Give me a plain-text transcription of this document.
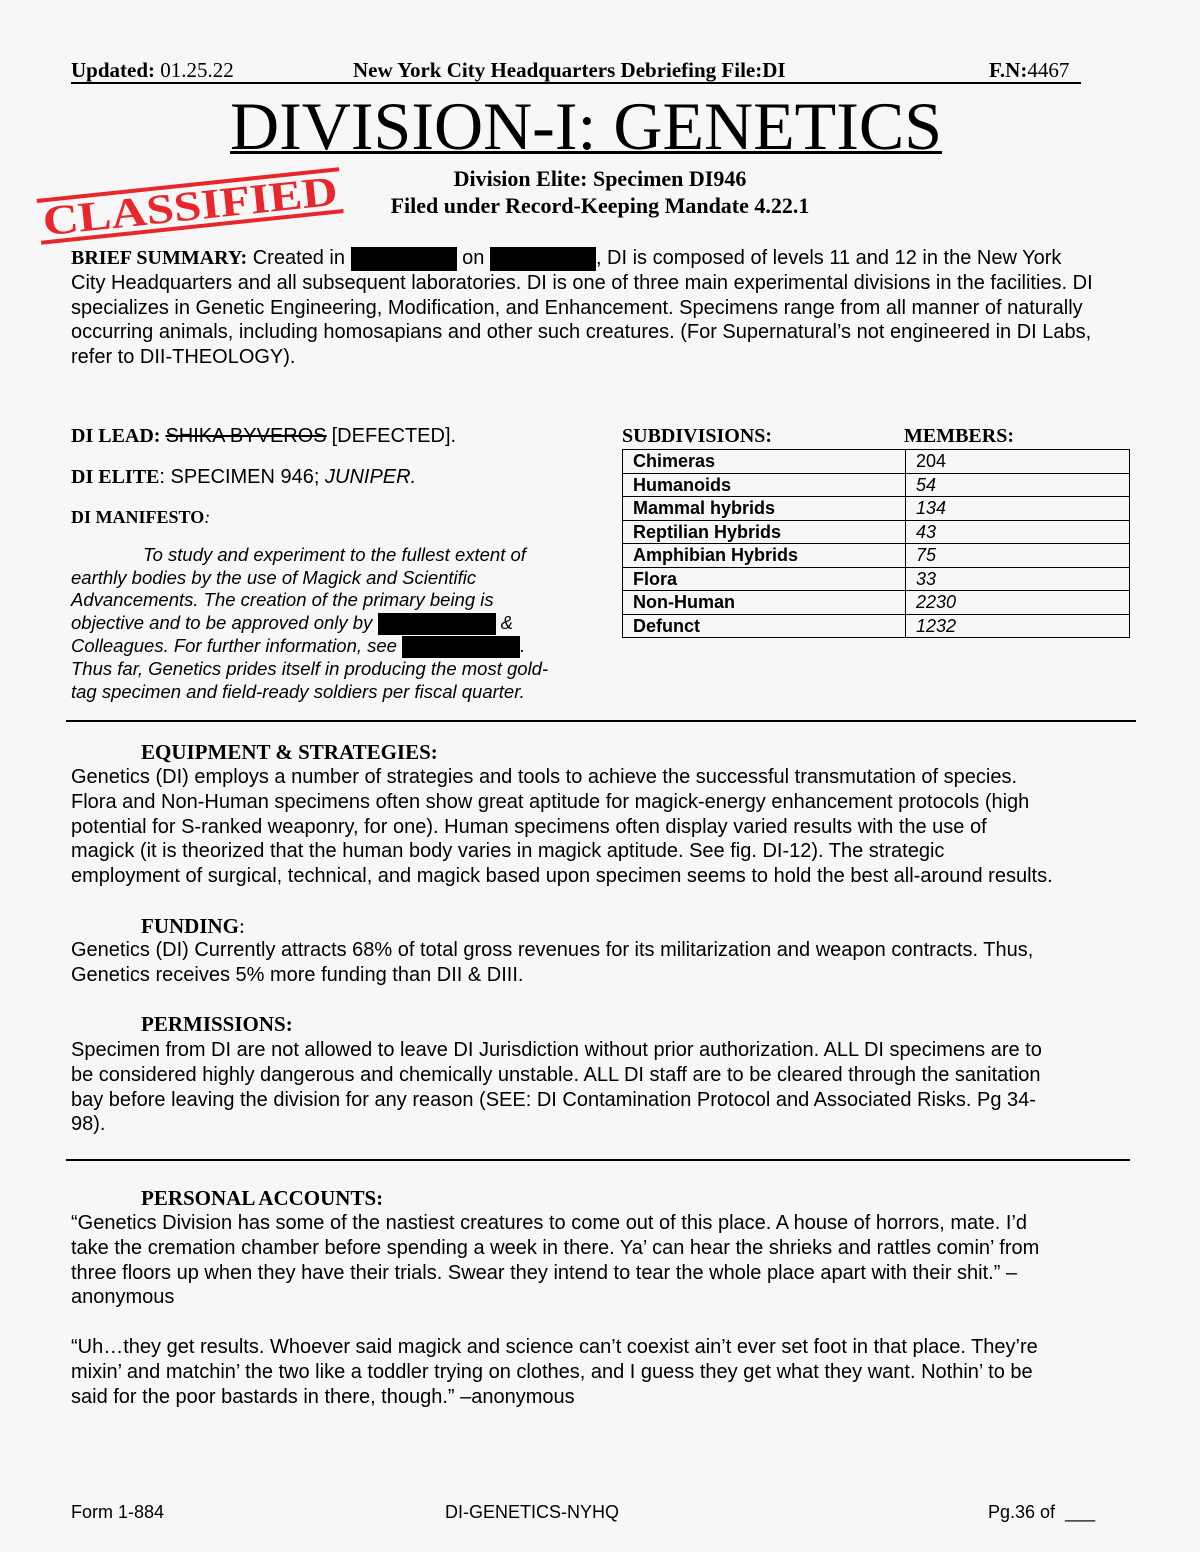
Updated: 01.25.22	New York City Headquarters Debriefing File:DI	F.N:4467
DIVISION-I: GENETICS
Division Elite: Specimen DI946
Filed under Record-Keeping Mandate 4.22.1
CLASSIFIED
BRIEF SUMMARY: Created in	on	, DI is composed of levels 11 and 12 in the New York
City Headquarters and all subsequent laboratories. DI is one of three main experimental divisions in the facilities. DI
specializes in Genetic Engineering, Modification, and Enhancement. Specimens range from all manner of naturally
occurring animals, including homosapians and other such creatures. (For Supernatural’s not engineered in DI Labs,
refer to DII-THEOLOGY).
DI LEAD: SHIKA BYVEROS [DEFECTED].
DI ELITE: SPECIMEN 946; JUNIPER.
DI MANIFESTO:
To study and experiment to the fullest extent of
earthly bodies by the use of Magick and Scientific
Advancements. The creation of the primary being is
objective and to be approved only by	&
Colleagues. For further information, see	.
Thus far, Genetics prides itself in producing the most gold-
tag specimen and field-ready soldiers per fiscal quarter.
SUBDIVISIONS:	MEMBERS:
Chimeras	204
Humanoids	54
Mammal hybrids	134
Reptilian Hybrids	43
Amphibian Hybrids	75
Flora	33
Non-Human	2230
Defunct	1232
EQUIPMENT & STRATEGIES:
Genetics (DI) employs a number of strategies and tools to achieve the successful transmutation of species.
Flora and Non-Human specimens often show great aptitude for magick-energy enhancement protocols (high
potential for S-ranked weaponry, for one). Human specimens often display varied results with the use of
magick (it is theorized that the human body varies in magick aptitude. See fig. DI-12). The strategic
employment of surgical, technical, and magick based upon specimen seems to hold the best all-around results.
FUNDING:
Genetics (DI) Currently attracts 68% of total gross revenues for its militarization and weapon contracts. Thus,
Genetics receives 5% more funding than DII & DIII.
PERMISSIONS:
Specimen from DI are not allowed to leave DI Jurisdiction without prior authorization. ALL DI specimens are to
be considered highly dangerous and chemically unstable. ALL DI staff are to be cleared through the sanitation
bay before leaving the division for any reason (SEE: DI Contamination Protocol and Associated Risks. Pg 34-
98).
PERSONAL ACCOUNTS:
“Genetics Division has some of the nastiest creatures to come out of this place. A house of horrors, mate. I’d
take the cremation chamber before spending a week in there. Ya’ can hear the shrieks and rattles comin’ from
three floors up when they have their trials. Swear they intend to tear the whole place apart with their shit.” –
anonymous
“Uh…they get results. Whoever said magick and science can’t coexist ain’t ever set foot in that place. They’re
mixin’ and matchin’ the two like a toddler trying on clothes, and I guess they get what they want. Nothin’ to be
said for the poor bastards in there, though.” –anonymous
Form 1-884	DI-GENETICS-NYHQ	Pg.36 of ___
